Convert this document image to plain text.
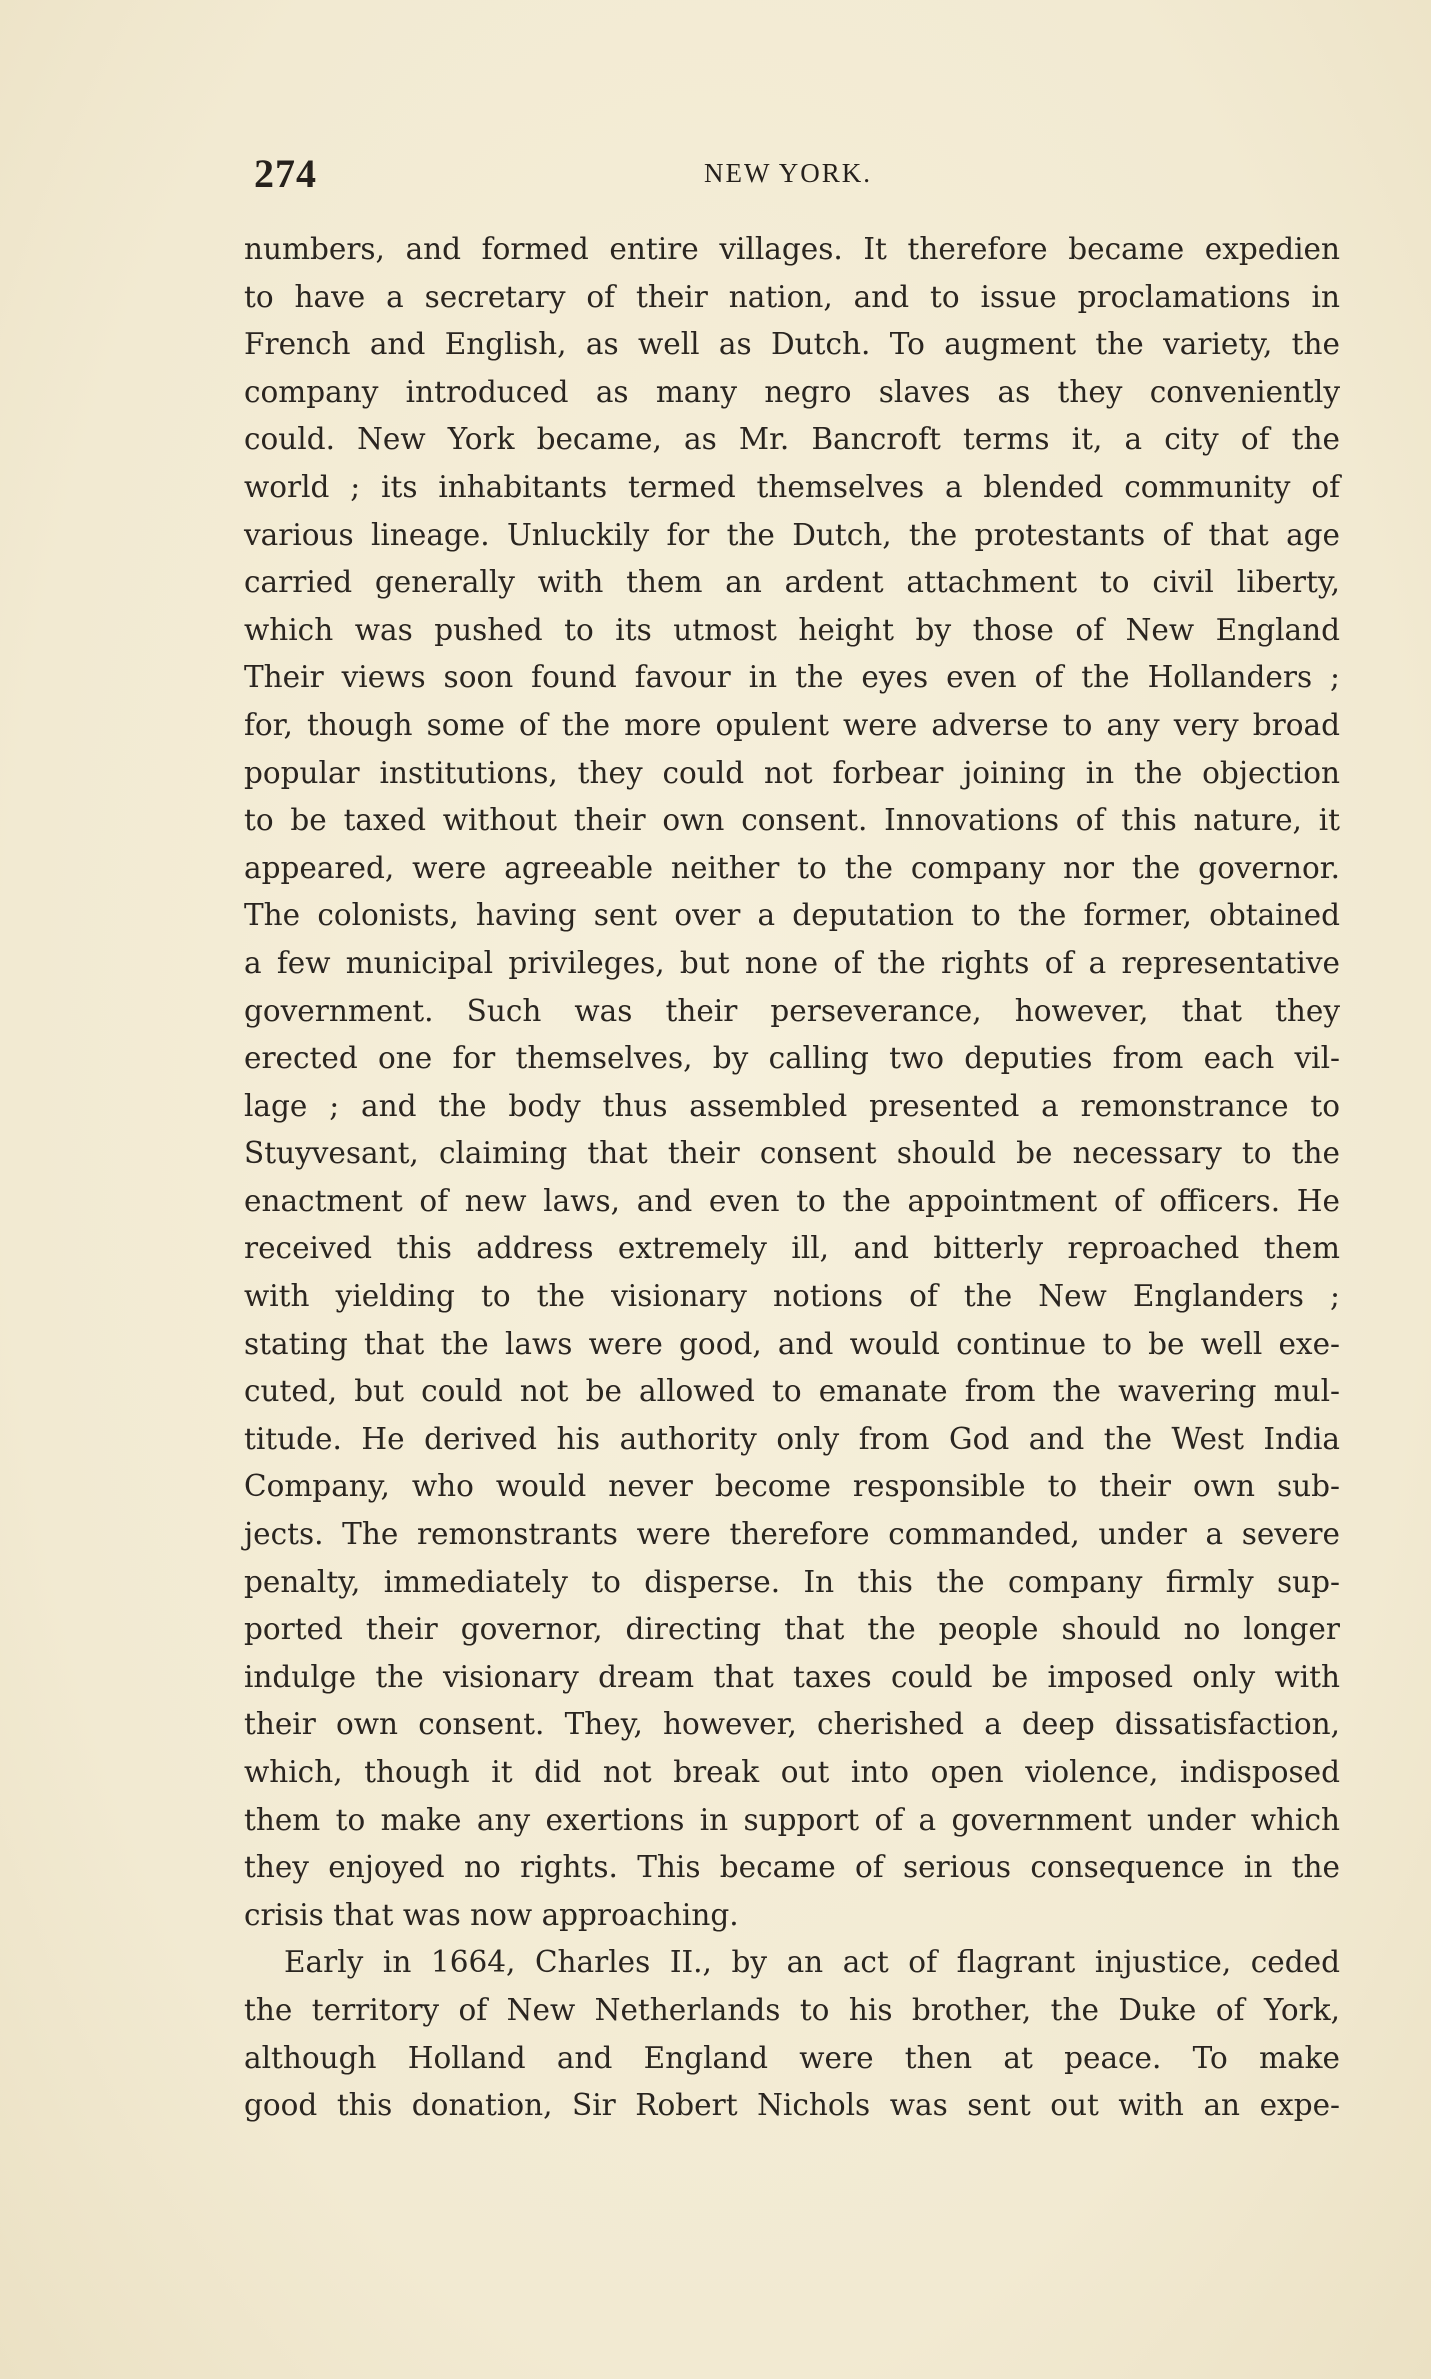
274	NEW YORK.
numbers, and formed entire villages. It therefore became expedien
to have a secretary of their nation, and to issue proclamations in
French and English, as well as Dutch. To augment the variety, the
company introduced as many negro slaves as they conveniently
could. New York became, as Mr. Bancroft terms it, a city of the
world ; its inhabitants termed themselves a blended community of
various lineage. Unluckily for the Dutch, the protestants of that age
carried generally with them an ardent attachment to civil liberty,
which was pushed to its utmost height by those of New England
Their views soon found favour in the eyes even of the Hollanders ;
for, though some of the more opulent were adverse to any very broad
popular institutions, they could not forbear joining in the objection
to be taxed without their own consent. Innovations of this nature, it
appeared, were agreeable neither to the company nor the governor.
The colonists, having sent over a deputation to the former, obtained
a few municipal privileges, but none of the rights of a representative
government. Such was their perseverance, however, that they
erected one for themselves, by calling two deputies from each vil-
lage ; and the body thus assembled presented a remonstrance to
Stuyvesant, claiming that their consent should be necessary to the
enactment of new laws, and even to the appointment of officers. He
received this address extremely ill, and bitterly reproached them
with yielding to the visionary notions of the New Englanders ;
stating that the laws were good, and would continue to be well exe-
cuted, but could not be allowed to emanate from the wavering mul-
titude. He derived his authority only from God and the West India
Company, who would never become responsible to their own sub-
jects. The remonstrants were therefore commanded, under a severe
penalty, immediately to disperse. In this the company firmly sup-
ported their governor, directing that the people should no longer
indulge the visionary dream that taxes could be imposed only with
their own consent. They, however, cherished a deep dissatisfaction,
which, though it did not break out into open violence, indisposed
them to make any exertions in support of a government under which
they enjoyed no rights. This became of serious consequence in the
crisis that was now approaching.
Early in 1664, Charles II., by an act of flagrant injustice, ceded
the territory of New Netherlands to his brother, the Duke of York,
although Holland and England were then at peace. To make
good this donation, Sir Robert Nichols was sent out with an expe-
